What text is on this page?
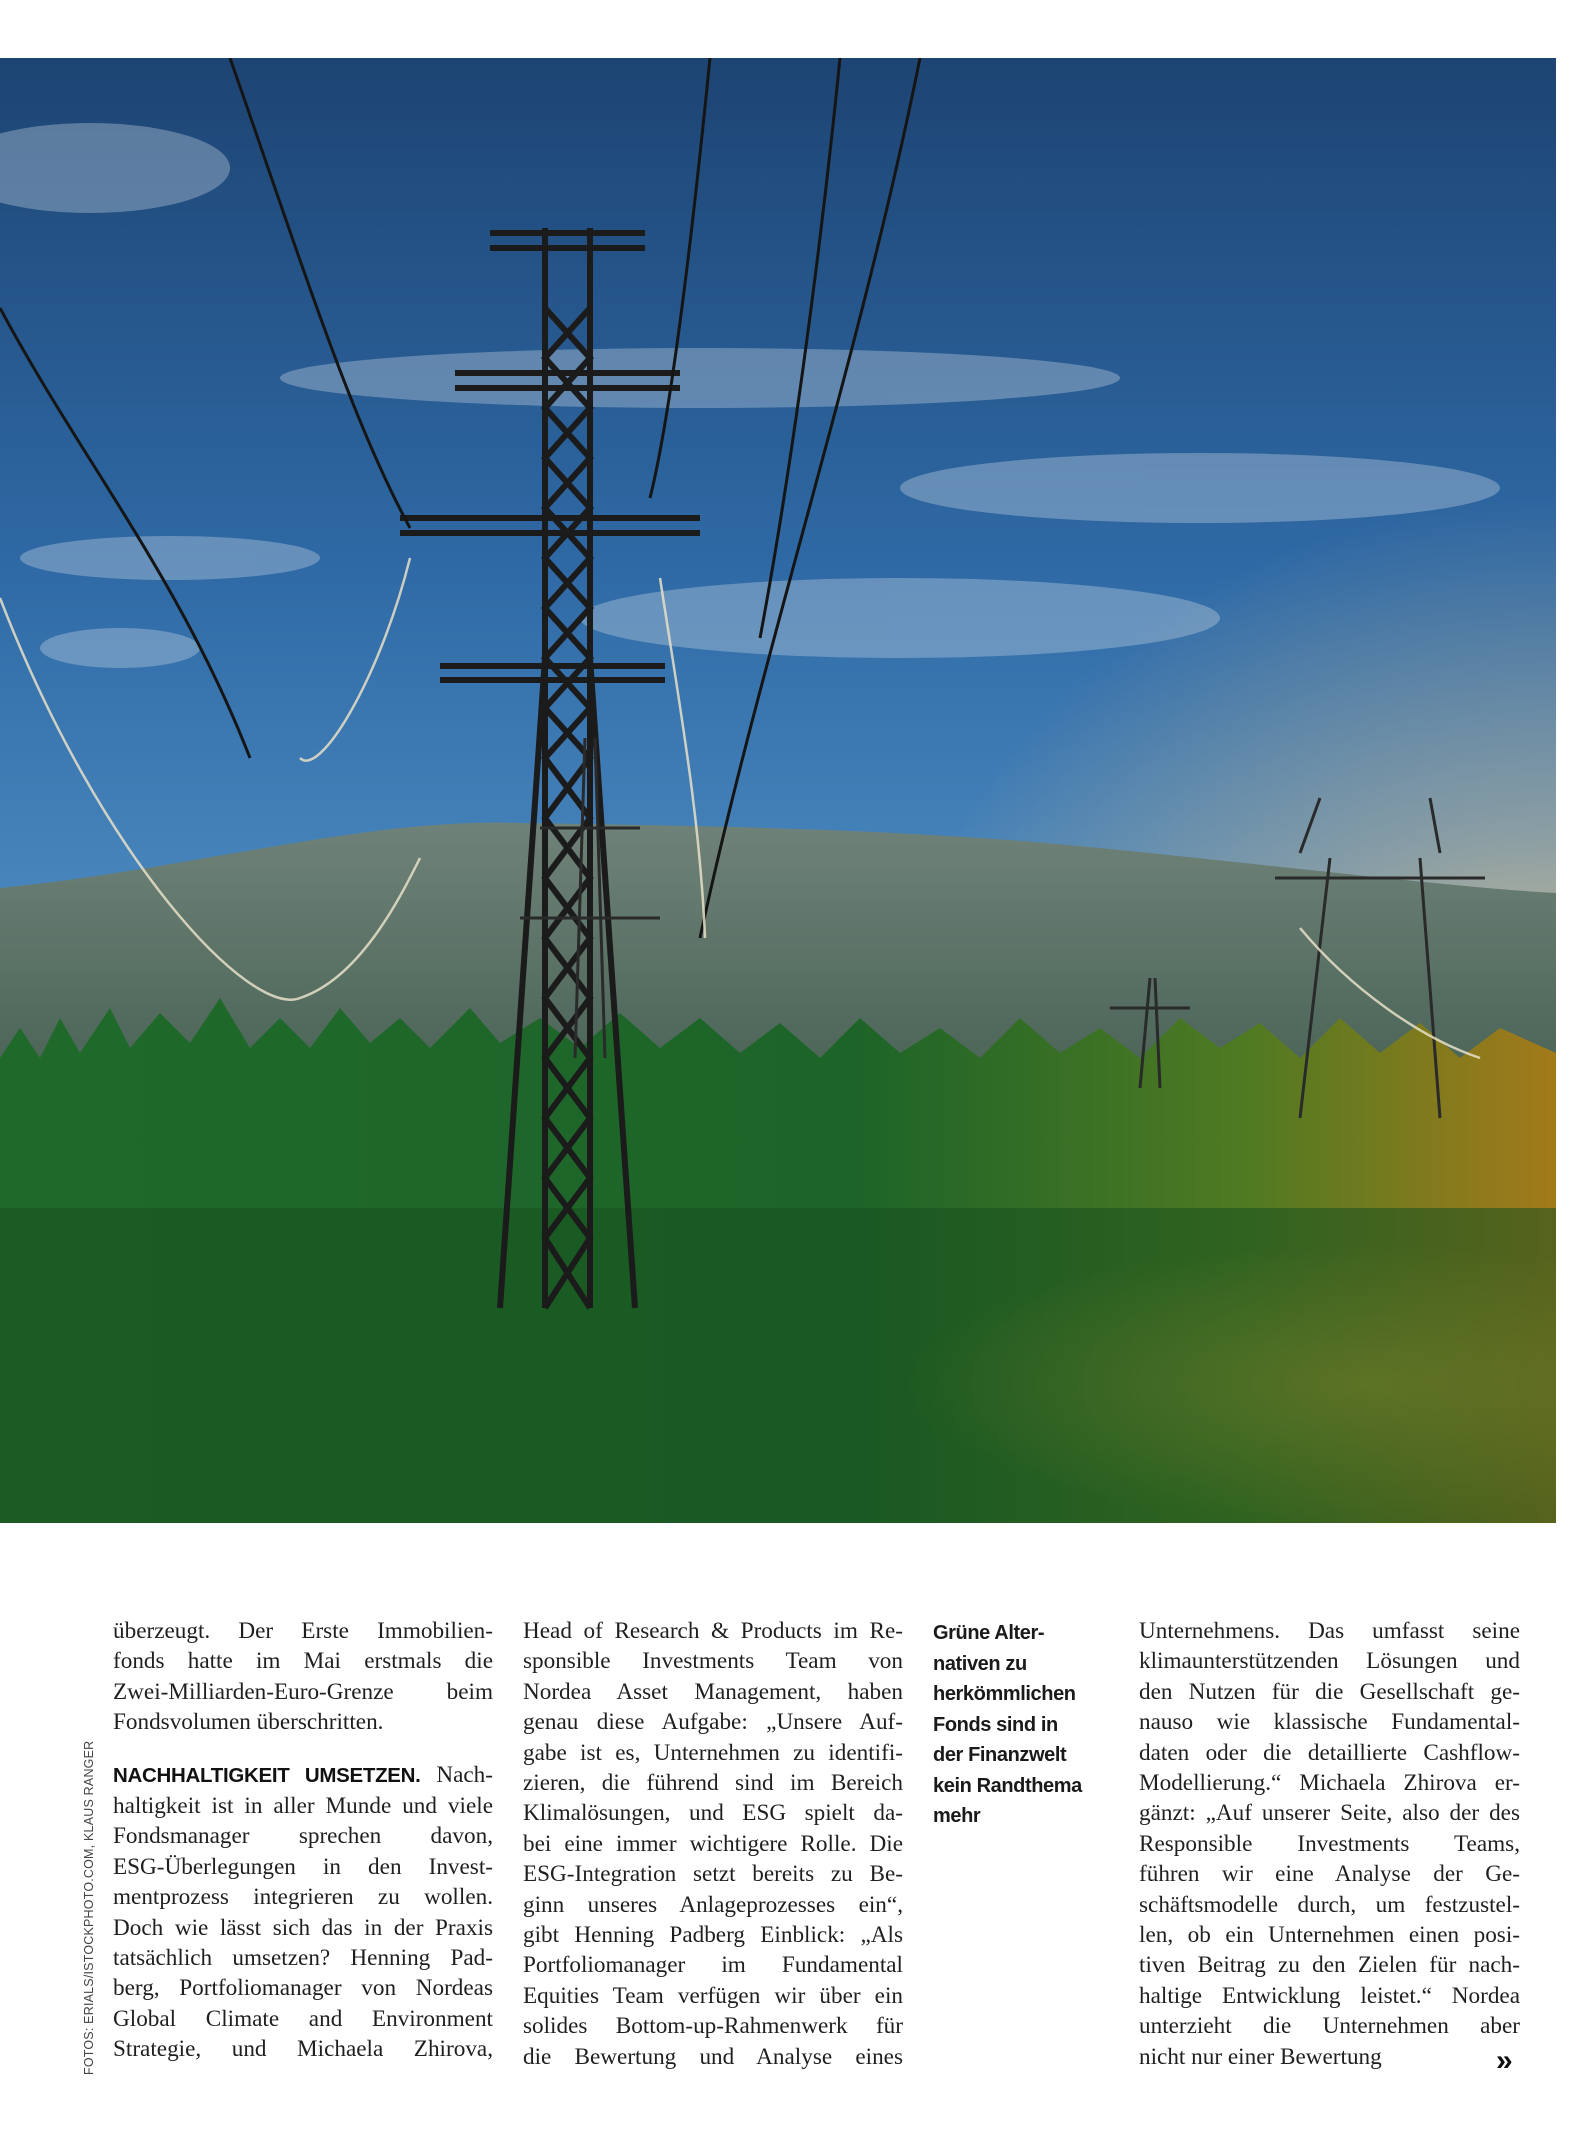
FOTOS: ERIALS/ISTOCKPHOTO.COM, KLAUS RANGER

überzeugt. Der Erste Immobilien-
fonds hatte im Mai erstmals die
Zwei-Milliarden-Euro-Grenze beim
Fondsvolumen überschritten.

NACHHALTIGKEIT UMSETZEN. Nach-
haltigkeit ist in aller Munde und viele
Fondsmanager sprechen davon,
ESG-Überlegungen in den Invest-
mentprozess integrieren zu wollen.
Doch wie lässt sich das in der Praxis
tatsächlich umsetzen? Henning Pad-
berg, Portfoliomanager von Nordeas
Global Climate and Environment
Strategie, und Michaela Zhirova,

Head of Research & Products im Re-
sponsible Investments Team von
Nordea Asset Management, haben
genau diese Aufgabe: „Unsere Auf-
gabe ist es, Unternehmen zu identifi-
zieren, die führend sind im Bereich
Klimalösungen, und ESG spielt da-
bei eine immer wichtigere Rolle. Die
ESG-Integration setzt bereits zu Be-
ginn unseres Anlageprozesses ein“,
gibt Henning Padberg Einblick: „Als
Portfoliomanager im Fundamental
Equities Team verfügen wir über ein
solides Bottom-up-Rahmenwerk für
die Bewertung und Analyse eines

Grüne Alter-
nativen zu
herkömmlichen
Fonds sind in
der Finanzwelt
kein Randthema
mehr

Unternehmens. Das umfasst seine
klimaunterstützenden Lösungen und
den Nutzen für die Gesellschaft ge-
nauso wie klassische Fundamental-
daten oder die detaillierte Cashflow-
Modellierung.“ Michaela Zhirova er-
gänzt: „Auf unserer Seite, also der des
Responsible Investments Teams,
führen wir eine Analyse der Ge-
schäftsmodelle durch, um festzustel-
len, ob ein Unternehmen einen posi-
tiven Beitrag zu den Zielen für nach-
haltige Entwicklung leistet.“ Nordea
unterzieht die Unternehmen aber
nicht nur einer Bewertung	»
